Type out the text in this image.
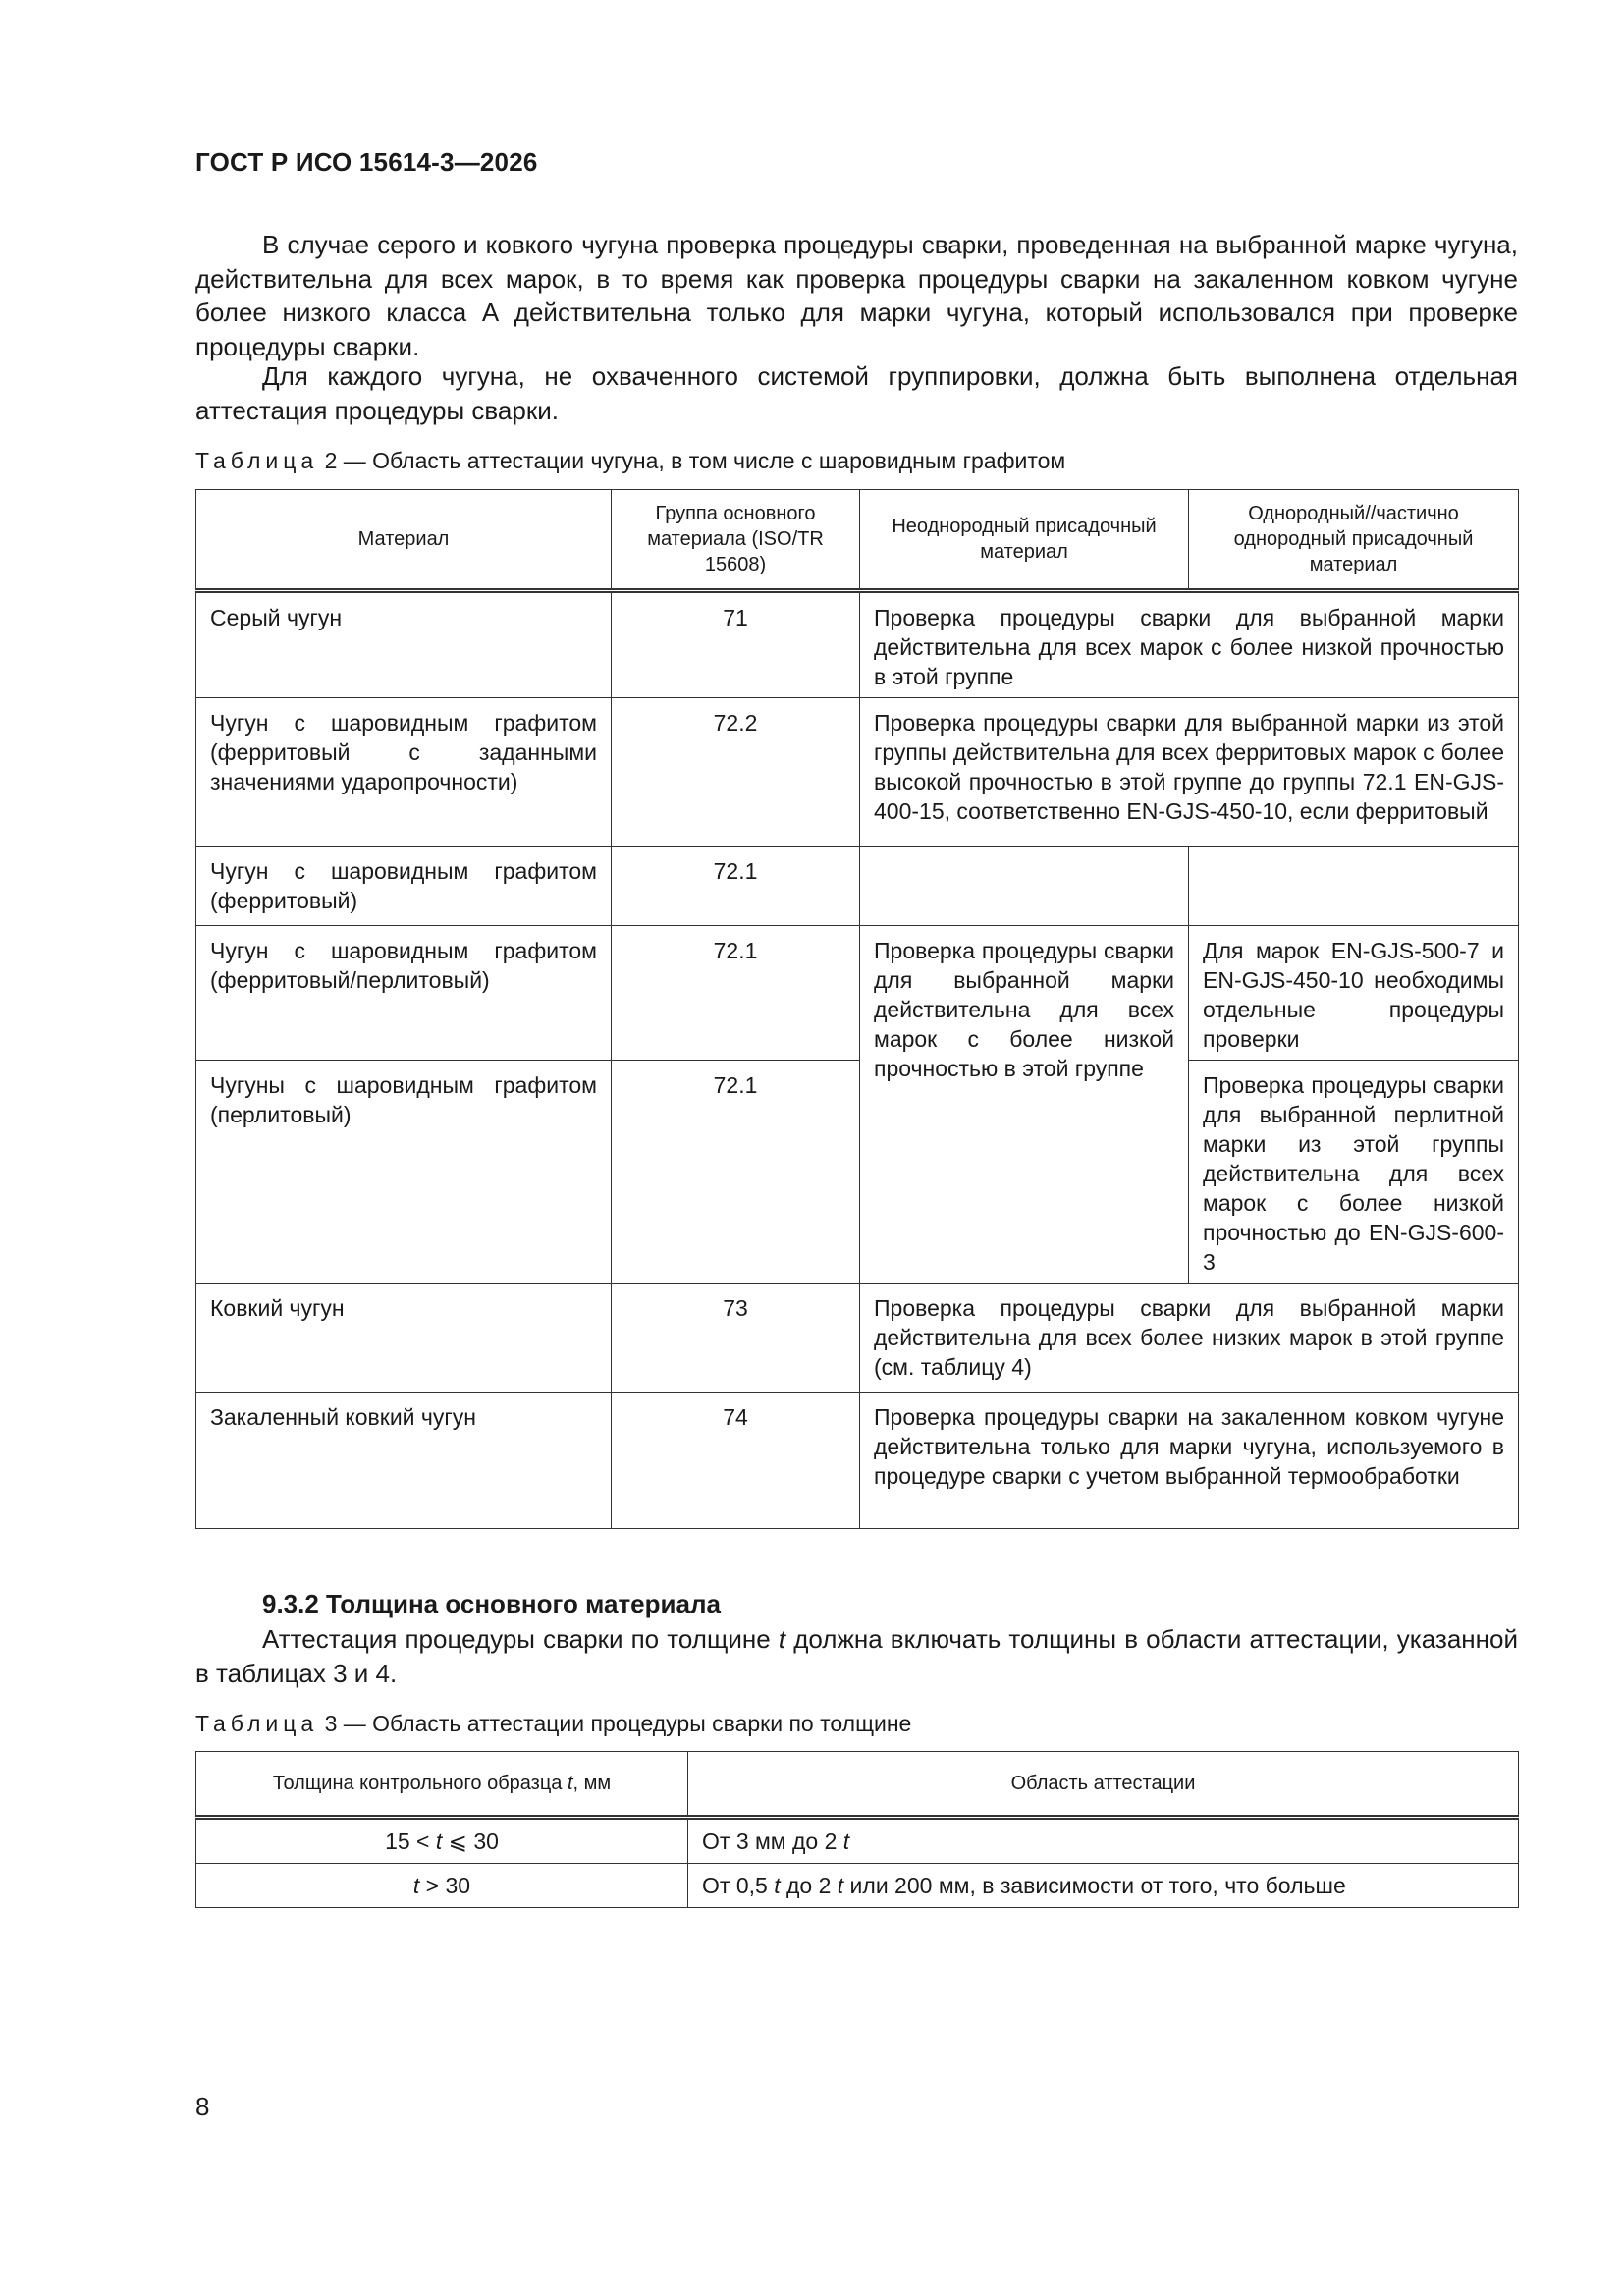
ГОСТ Р ИСО 15614-3—2026

В случае серого и ковкого чугуна проверка процедуры сварки, проведенная на выбранной марке чугуна, действительна для всех марок, в то время как проверка процедуры сварки на закаленном ковком чугуне более низкого класса А действительна только для марки чугуна, который использовался при проверке процедуры сварки.

Для каждого чугуна, не охваченного системой группировки, должна быть выполнена отдельная аттестация процедуры сварки.

Таблица 2 — Область аттестации чугуна, в том числе с шаровидным графитом
Материал	Группа основного материала (ISO/TR 15608)	Неоднородный присадочный материал	Однородный//частично однородный присадочный материал
Серый чугун	71	Проверка процедуры сварки для выбранной марки действительна для всех марок с более низкой прочностью в этой группе	
Чугун с шаровидным графитом (ферритовый с заданными значениями ударопрочности)	72.2	Проверка процедуры сварки для выбранной марки из этой группы действительна для всех ферритовых марок с более высокой прочностью в этой группе до группы 72.1 EN-GJS-400-15, соответственно EN-GJS-450-10, если ферритовый	
Чугун с шаровидным графитом (ферритовый)	72.1		
Чугун с шаровидным графитом (ферритовый/перлитовый)	72.1	Проверка процедуры сварки для выбранной марки действительна для всех марок с более низкой прочностью в этой группе	Для марок EN-GJS-500-7 и EN-GJS-450-10 необходимы отдельные процедуры проверки
Чугуны с шаровидным графитом (перлитовый)	72.1		Проверка процедуры сварки для выбранной перлитной марки из этой группы действительна для всех марок с более низкой прочностью до EN-GJS-600-3
Ковкий чугун	73	Проверка процедуры сварки для выбранной марки действительна для всех более низких марок в этой группе (см. таблицу 4)	
Закаленный ковкий чугун	74	Проверка процедуры сварки на закаленном ковком чугуне действительна только для марки чугуна, используемого в процедуре сварки с учетом выбранной термообработки	
9.3.2 Толщина основного материала

Аттестация процедуры сварки по толщине t должна включать толщины в области аттестации, указанной в таблицах 3 и 4.

Таблица 3 — Область аттестации процедуры сварки по толщине
Толщина контрольного образца t, мм	Область аттестации
15 < t ⩽ 30	От 3 мм до 2 t
t > 30	От 0,5 t до 2 t или 200 мм, в зависимости от того, что больше
8
